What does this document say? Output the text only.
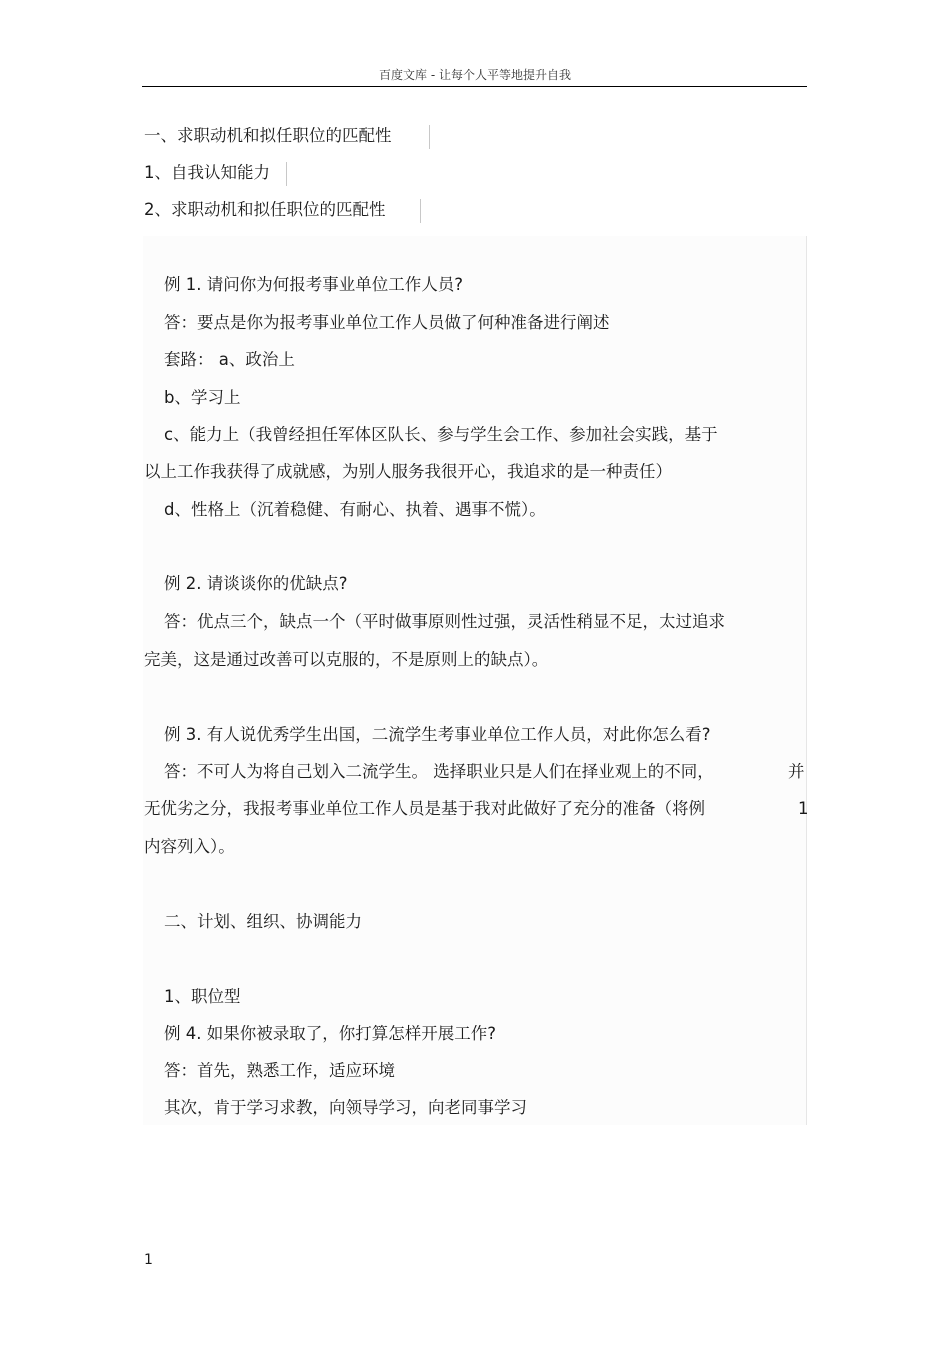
百度文库 - 让每个人平等地提升自我
一、求职动机和拟任职位的匹配性
1、自我认知能力
2、求职动机和拟任职位的匹配性
例 1. 请问你为何报考事业单位工作人员?
答：要点是你为报考事业单位工作人员做了何种准备进行阐述
套路： a、政治上
b、学习上
c、能力上（我曾经担任军体区队长、参与学生会工作、参加社会实践，基于
以上工作我获得了成就感，为别人服务我很开心，我追求的是一种责任）
d、性格上（沉着稳健、有耐心、执着、遇事不慌）。
例 2. 请谈谈你的优缺点?
答：优点三个，缺点一个（平时做事原则性过强，灵活性稍显不足，太过追求
完美，这是通过改善可以克服的，不是原则上的缺点）。
例 3. 有人说优秀学生出国，二流学生考事业单位工作人员，对此你怎么看?
答：不可人为将自己划入二流学生。 选择职业只是人们在择业观上的不同，	并
无优劣之分，我报考事业单位工作人员是基于我对此做好了充分的准备（将例	1
内容列入）。
二、计划、组织、协调能力
1、职位型
例 4. 如果你被录取了，你打算怎样开展工作?
答：首先，熟悉工作，适应环境
其次，肯于学习求教，向领导学习，向老同事学习
1
